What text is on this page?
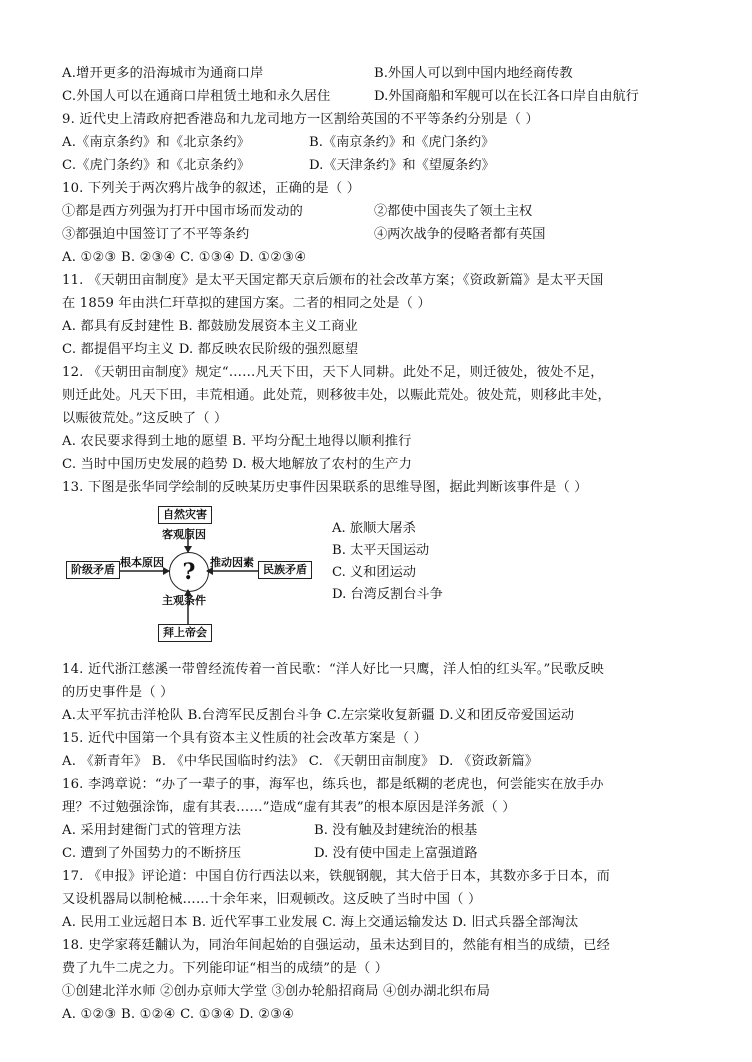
A.增开更多的沿海城市为通商口岸	B.外国人可以到中国内地经商传教
C.外国人可以在通商口岸租赁土地和永久居住	D.外国商船和军舰可以在长江各口岸自由航行
9. 近代史上清政府把香港岛和九龙司地方一区割给英国的不平等条约分别是（ ）
A.《南京条约》和《北京条约》	B.《南京条约》和《虎门条约》
C.《虎门条约》和《北京条约》	D.《天津条约》和《望厦条约》
10. 下列关于两次鸦片战争的叙述，正确的是（ ）
①都是西方列强为打开中国市场而发动的	②都使中国丧失了领土主权
③都强迫中国签订了不平等条约	④两次战争的侵略者都有英国
A. ①②③ B. ②③④ C. ①③④ D. ①②③④
11. 《天朝田亩制度》是太平天国定都天京后颁布的社会改革方案；《资政新篇》是太平天国
在 1859 年由洪仁玕草拟的建国方案。二者的相同之处是（ ）
A. 都具有反封建性 B. 都鼓励发展资本主义工商业
C. 都提倡平均主义 D. 都反映农民阶级的强烈愿望
12. 《天朝田亩制度》规定“……凡天下田，天下人同耕。此处不足，则迁彼处，彼处不足，
则迁此处。凡天下田，丰荒相通。此处荒，则移彼丰处，以赈此荒处。彼处荒，则移此丰处，
以赈彼荒处。”这反映了（ ）
A. 农民要求得到土地的愿望 B. 平均分配土地得以顺利推行
C. 当时中国历史发展的趋势 D. 极大地解放了农村的生产力
13. 下图是张华同学绘制的反映某历史事件因果联系的思维导图，据此判断该事件是（ ）
14. 近代浙江慈溪一带曾经流传着一首民歌：“洋人好比一只鹰，洋人怕的红头军。”民歌反映
的历史事件是（ ）
A.太平军抗击洋枪队 B.台湾军民反割台斗争 C.左宗棠收复新疆 D.义和团反帝爱国运动
15. 近代中国第一个具有资本主义性质的社会改革方案是（ ）
A. 《新青年》 B. 《中华民国临时约法》 C. 《天朝田亩制度》 D. 《资政新篇》
16. 李鸿章说：“办了一辈子的事，海军也，练兵也，都是纸糊的老虎也，何尝能实在放手办
理？不过勉强涂饰，虚有其表……”造成“虚有其表”的根本原因是洋务派（ ）
A. 采用封建衙门式的管理方法	B. 没有触及封建统治的根基
C. 遭到了外国势力的不断挤压	D. 没有使中国走上富强道路
17. 《申报》评论道：中国自仿行西法以来，铁舰钢舰，其大倍于日本，其数亦多于日本，而
又设机器局以制枪械……十余年来，旧观顿改。这反映了当时中国（ ）
A. 民用工业远超日本 B. 近代军事工业发展 C. 海上交通运输发达 D. 旧式兵器全部淘汰
18. 史学家蒋廷黼认为，同治年间起始的自强运动，虽未达到目的，然能有相当的成绩，已经
费了九牛二虎之力。下列能印证“相当的成绩”的是（ ）
①创建北洋水师 ②创办京师大学堂 ③创办轮船招商局 ④创办湖北织布局
A. ①②③ B. ①②④ C. ①③④ D. ②③④
自然灾害
客观原因
阶级矛盾
根本原因 ?	推动因素
民族矛盾
主观条件
拜上帝会
A. 旅顺大屠杀
B. 太平天国运动
C. 义和团运动
D. 台湾反割台斗争
